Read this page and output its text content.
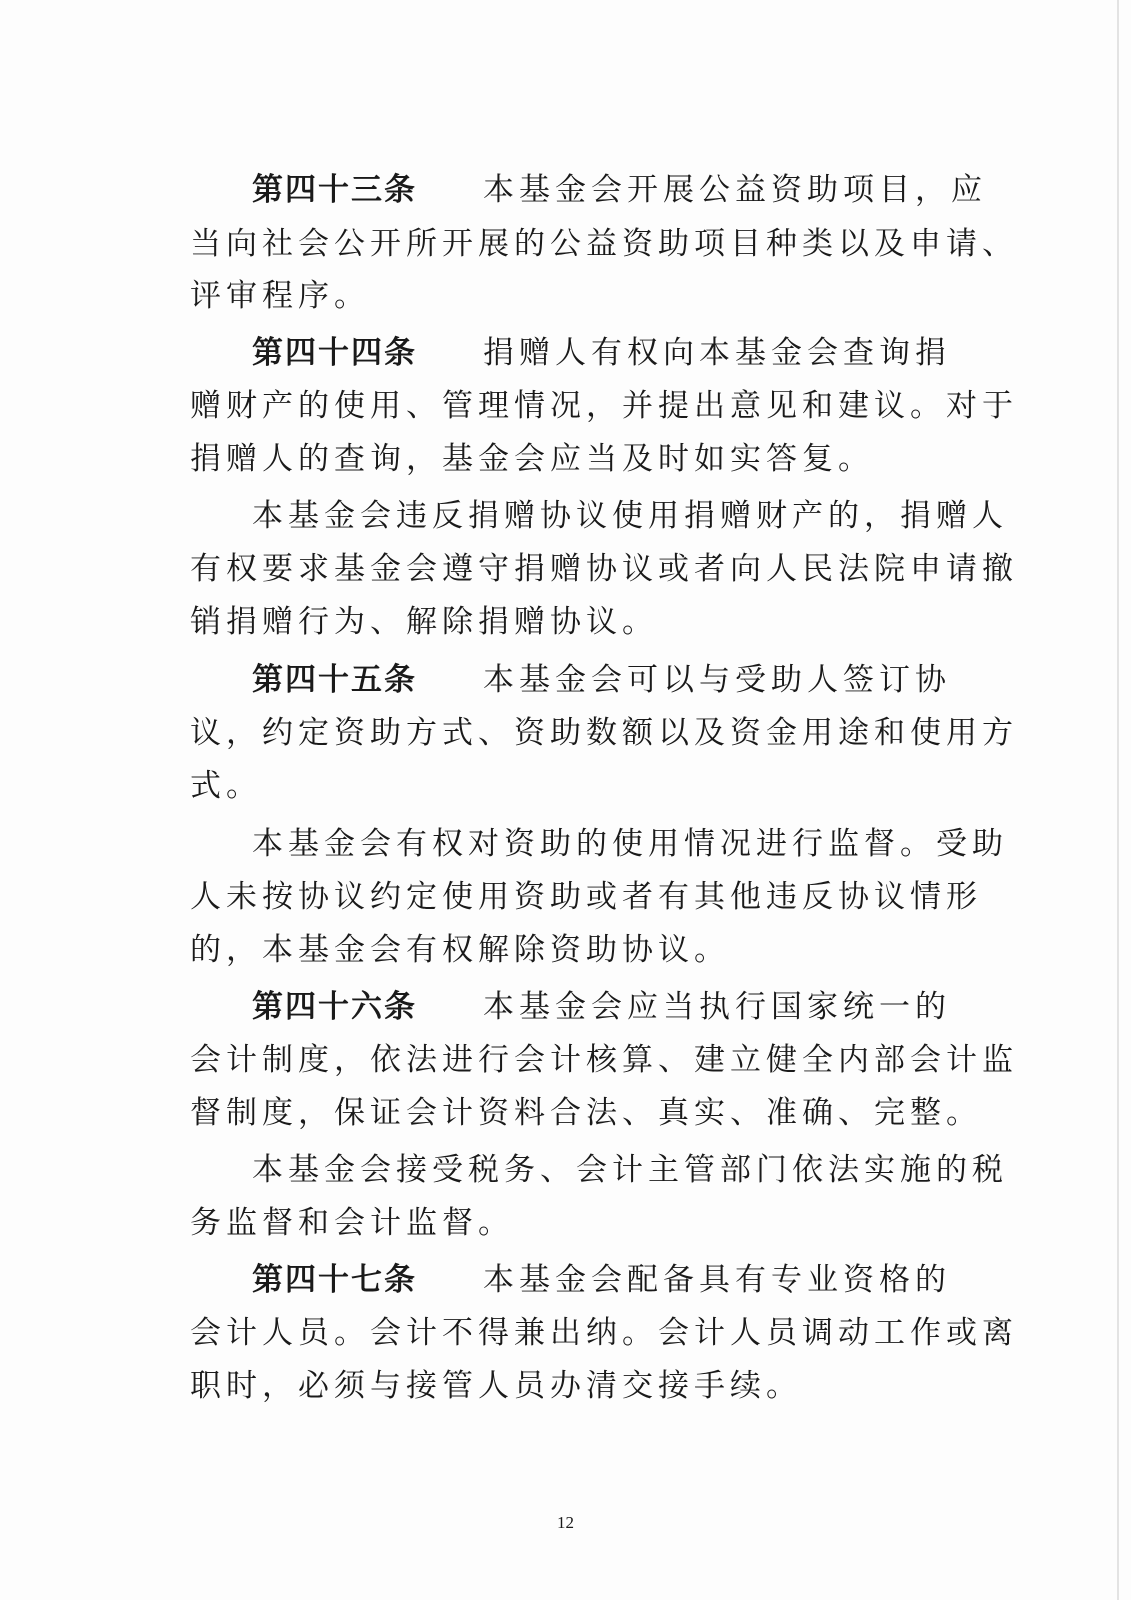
第四十三条 本基金会开展公益资助项目，应
当向社会公开所开展的公益资助项目种类以及申请、
评审程序。
第四十四条 捐赠人有权向本基金会查询捐
赠财产的使用、管理情况，并提出意见和建议。对于
捐赠人的查询，基金会应当及时如实答复。
本基金会违反捐赠协议使用捐赠财产的，捐赠人
有权要求基金会遵守捐赠协议或者向人民法院申请撤
销捐赠行为、解除捐赠协议。
第四十五条 本基金会可以与受助人签订协
议，约定资助方式、资助数额以及资金用途和使用方
式。
本基金会有权对资助的使用情况进行监督。受助
人未按协议约定使用资助或者有其他违反协议情形
的，本基金会有权解除资助协议。
第四十六条 本基金会应当执行国家统一的
会计制度，依法进行会计核算、建立健全内部会计监
督制度，保证会计资料合法、真实、准确、完整。
本基金会接受税务、会计主管部门依法实施的税
务监督和会计监督。
第四十七条 本基金会配备具有专业资格的
会计人员。会计不得兼出纳。会计人员调动工作或离
职时，必须与接管人员办清交接手续。
12
